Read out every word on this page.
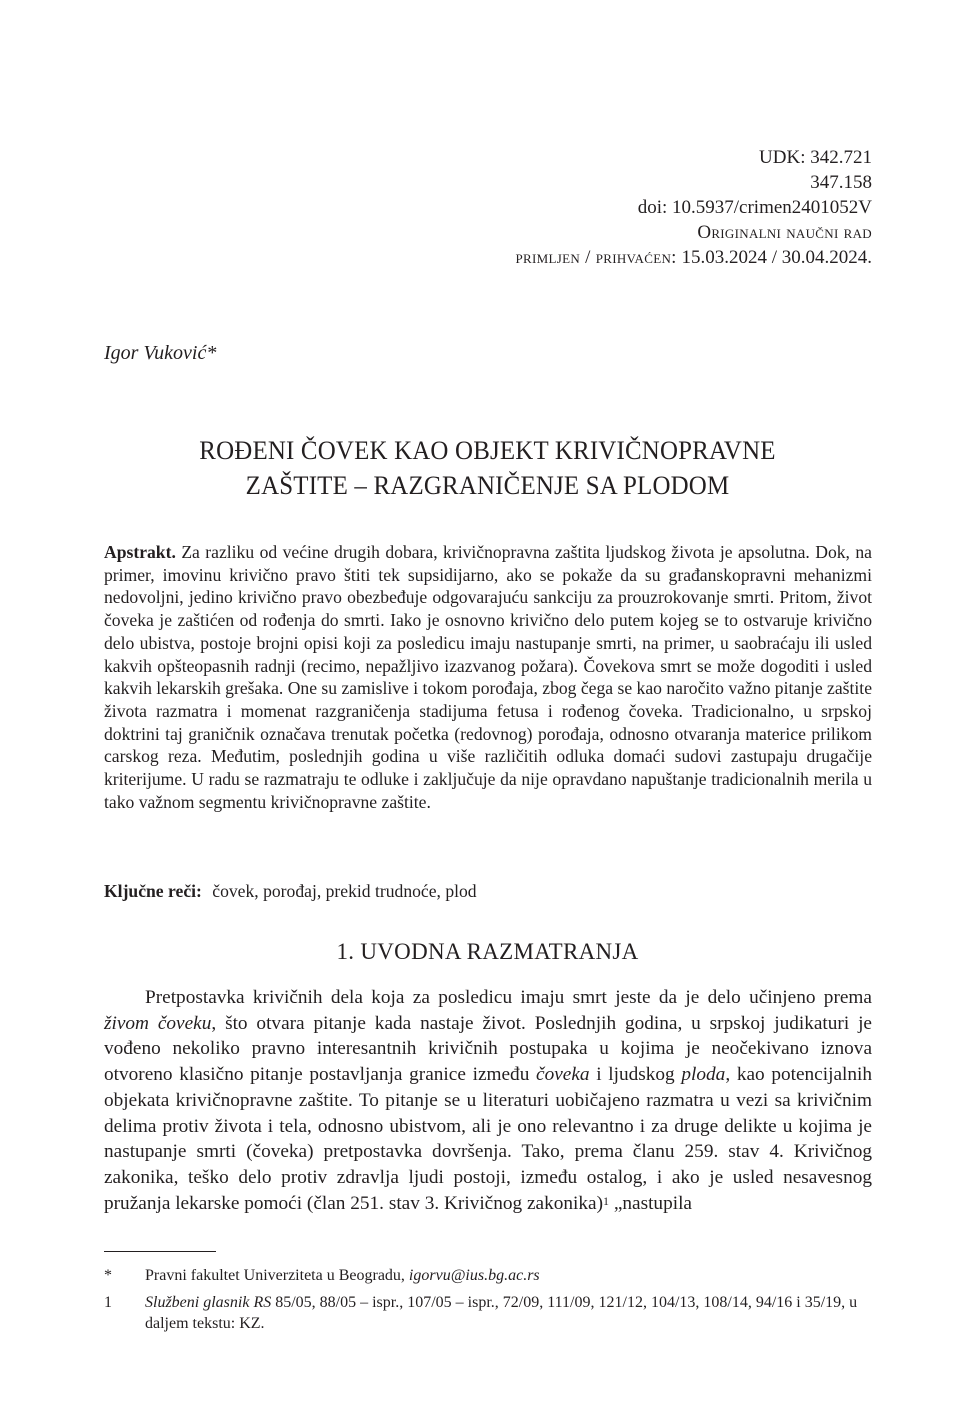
UDK: 342.721
347.158
doi: 10.5937/crimen2401052V
Originalni naučni rad
primljen / prihvaćen: 15.03.2024 / 30.04.2024.
Igor Vuković*
ROĐENI ČOVEK KAO OBJEKT KRIVIČNOPRAVNE
ZAŠTITE – RAZGRANIČENJE SA PLODOM
Apstrakt. Za razliku od većine drugih dobara, krivičnopravna zaštita ljudskog života je apsolutna. Dok, na primer, imovinu krivično pravo štiti tek supsidijarno, ako se pokaže da su građanskopravni mehanizmi nedovoljni, jedino krivično pravo obezbeđuje odgovarajuću sankciju za prouzrokovanje smrti. Pritom, život čoveka je zaštićen od rođenja do smrti. Iako je osnovno krivično delo putem kojeg se to ostvaruje krivično delo ubistva, postoje brojni opisi koji za posledicu imaju nastupanje smrti, na primer, u saobraćaju ili usled kakvih opšteopasnih radnji (recimo, nepažljivo izazvanog požara). Čovekova smrt se može dogoditi i usled kakvih lekarskih grešaka. One su zamislive i tokom porođaja, zbog čega se kao naročito važno pitanje zaštite života razmatra i momenat razgraničenja stadijuma fetusa i rođenog čoveka. Tradicionalno, u srpskoj doktrini taj graničnik označava trenutak početka (redovnog) porođaja, odnosno otvaranja materice prilikom carskog reza. Međutim, poslednjih godina u više različitih odluka domaći sudovi zastupaju drugačije kriterijume. U radu se razmatraju te odluke i zaključuje da nije opravdano napuštanje tradicionalnih merila u tako važnom segmentu krivičnopravne zaštite.
Ključne reči: čovek, porođaj, prekid trudnoće, plod
1. UVODNA RAZMATRANJA
Pretpostavka krivičnih dela koja za posledicu imaju smrt jeste da je delo učinjeno prema živom čoveku, što otvara pitanje kada nastaje život. Poslednjih godina, u srpskoj judikaturi je vođeno nekoliko pravno interesantnih krivičnih postupaka u kojima je neočekivano iznova otvoreno klasično pitanje postavljanja granice između čoveka i ljudskog ploda, kao potencijalnih objekata krivičnopravne zaštite. To pitanje se u literaturi uobičajeno razmatra u vezi sa krivičnim delima protiv života i tela, odnosno ubistvom, ali je ono relevantno i za druge delikte u kojima je nastupanje smrti (čoveka) pretpostavka dovršenja. Tako, prema članu 259. stav 4. Krivičnog zakonika, teško delo protiv zdravlja ljudi postoji, između ostalog, i ako je usled nesavesnog pružanja lekarske pomoći (član 251. stav 3. Krivičnog zakonika)$^1$ „nastupila
* Pravni fakultet Univerziteta u Beogradu, igorvu@ius.bg.ac.rs
1 Službeni glasnik RS 85/05, 88/05 – ispr., 107/05 – ispr., 72/09, 111/09, 121/12, 104/13, 108/14, 94/16 i 35/19, u daljem tekstu: KZ.
